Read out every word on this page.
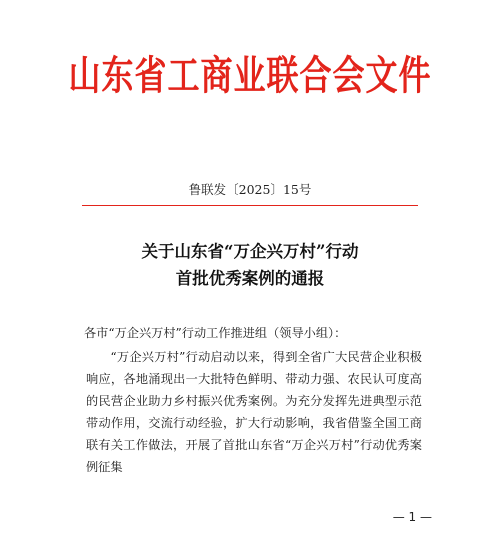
山东省工商业联合会文件
鲁联发〔2025〕15号
关于山东省“万企兴万村”行动
首批优秀案例的通报

各市“万企兴万村”行动工作推进组（领导小组）：

“万企兴万村”行动启动以来，得到全省广大民营企业积极响应，各地涌现出一大批特色鲜明、带动力强、农民认可度高的民营企业助力乡村振兴优秀案例。为充分发挥先进典型示范带动作用，交流行动经验，扩大行动影响，我省借鉴全国工商联有关工作做法，开展了首批山东省“万企兴万村”行动优秀案例征集

— 1 —
